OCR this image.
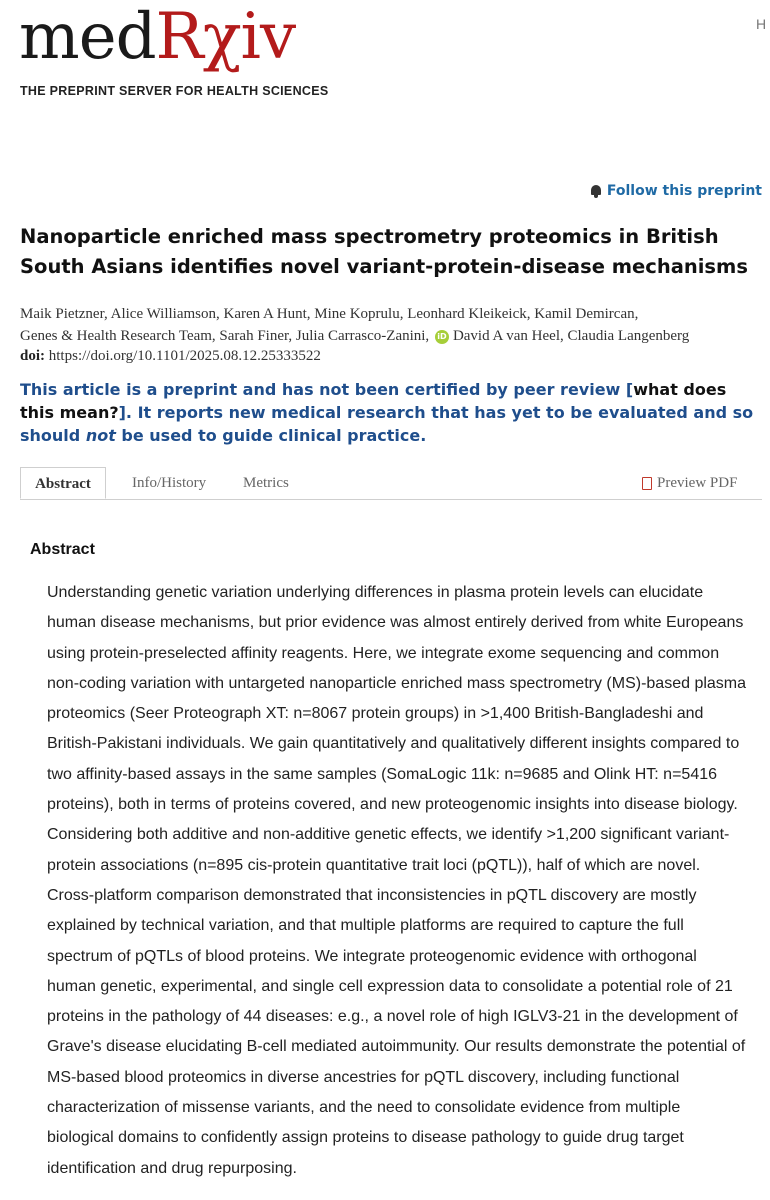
medRχiv
THE PREPRINT SERVER FOR HEALTH SCIENCES
H
Follow this preprint
Nanoparticle enriched mass spectrometry proteomics in British South Asians identifies novel variant-protein-disease mechanisms
Maik Pietzner, Alice Williamson, Karen A Hunt, Mine Koprulu, Leonhard Kleikeick, Kamil Demircan,
Genes & Health Research Team, Sarah Finer, Julia Carrasco-Zanini, iD David A van Heel, Claudia Langenberg
doi: https://doi.org/10.1101/2025.08.12.25333522
This article is a preprint and has not been certified by peer review [what does this mean?]. It reports new medical research that has yet to be evaluated and so should not be used to guide clinical practice.
Abstract	Info/History Metrics	Preview PDF
Abstract

Understanding genetic variation underlying differences in plasma protein levels can elucidate human disease mechanisms, but prior evidence was almost entirely derived from white Europeans using protein-preselected affinity reagents. Here, we integrate exome sequencing and common non-coding variation with untargeted nanoparticle enriched mass spectrometry (MS)-based plasma proteomics (Seer Proteograph XT: n=8067 protein groups) in >1,400 British-Bangladeshi and British-Pakistani individuals. We gain quantitatively and qualitatively different insights compared to two affinity-based assays in the same samples (SomaLogic 11k: n=9685 and Olink HT: n=5416 proteins), both in terms of proteins covered, and new proteogenomic insights into disease biology. Considering both additive and non-additive genetic effects, we identify >1,200 significant variant-protein associations (n=895 cis-protein quantitative trait loci (pQTL)), half of which are novel. Cross-platform comparison demonstrated that inconsistencies in pQTL discovery are mostly explained by technical variation, and that multiple platforms are required to capture the full spectrum of pQTLs of blood proteins. We integrate proteogenomic evidence with orthogonal human genetic, experimental, and single cell expression data to consolidate a potential role of 21 proteins in the pathology of 44 diseases: e.g., a novel role of high IGLV3-21 in the development of Grave's disease elucidating B-cell mediated autoimmunity. Our results demonstrate the potential of MS-based blood proteomics in diverse ancestries for pQTL discovery, including functional characterization of missense variants, and the need to consolidate evidence from multiple biological domains to confidently assign proteins to disease pathology to guide drug target identification and drug repurposing.
